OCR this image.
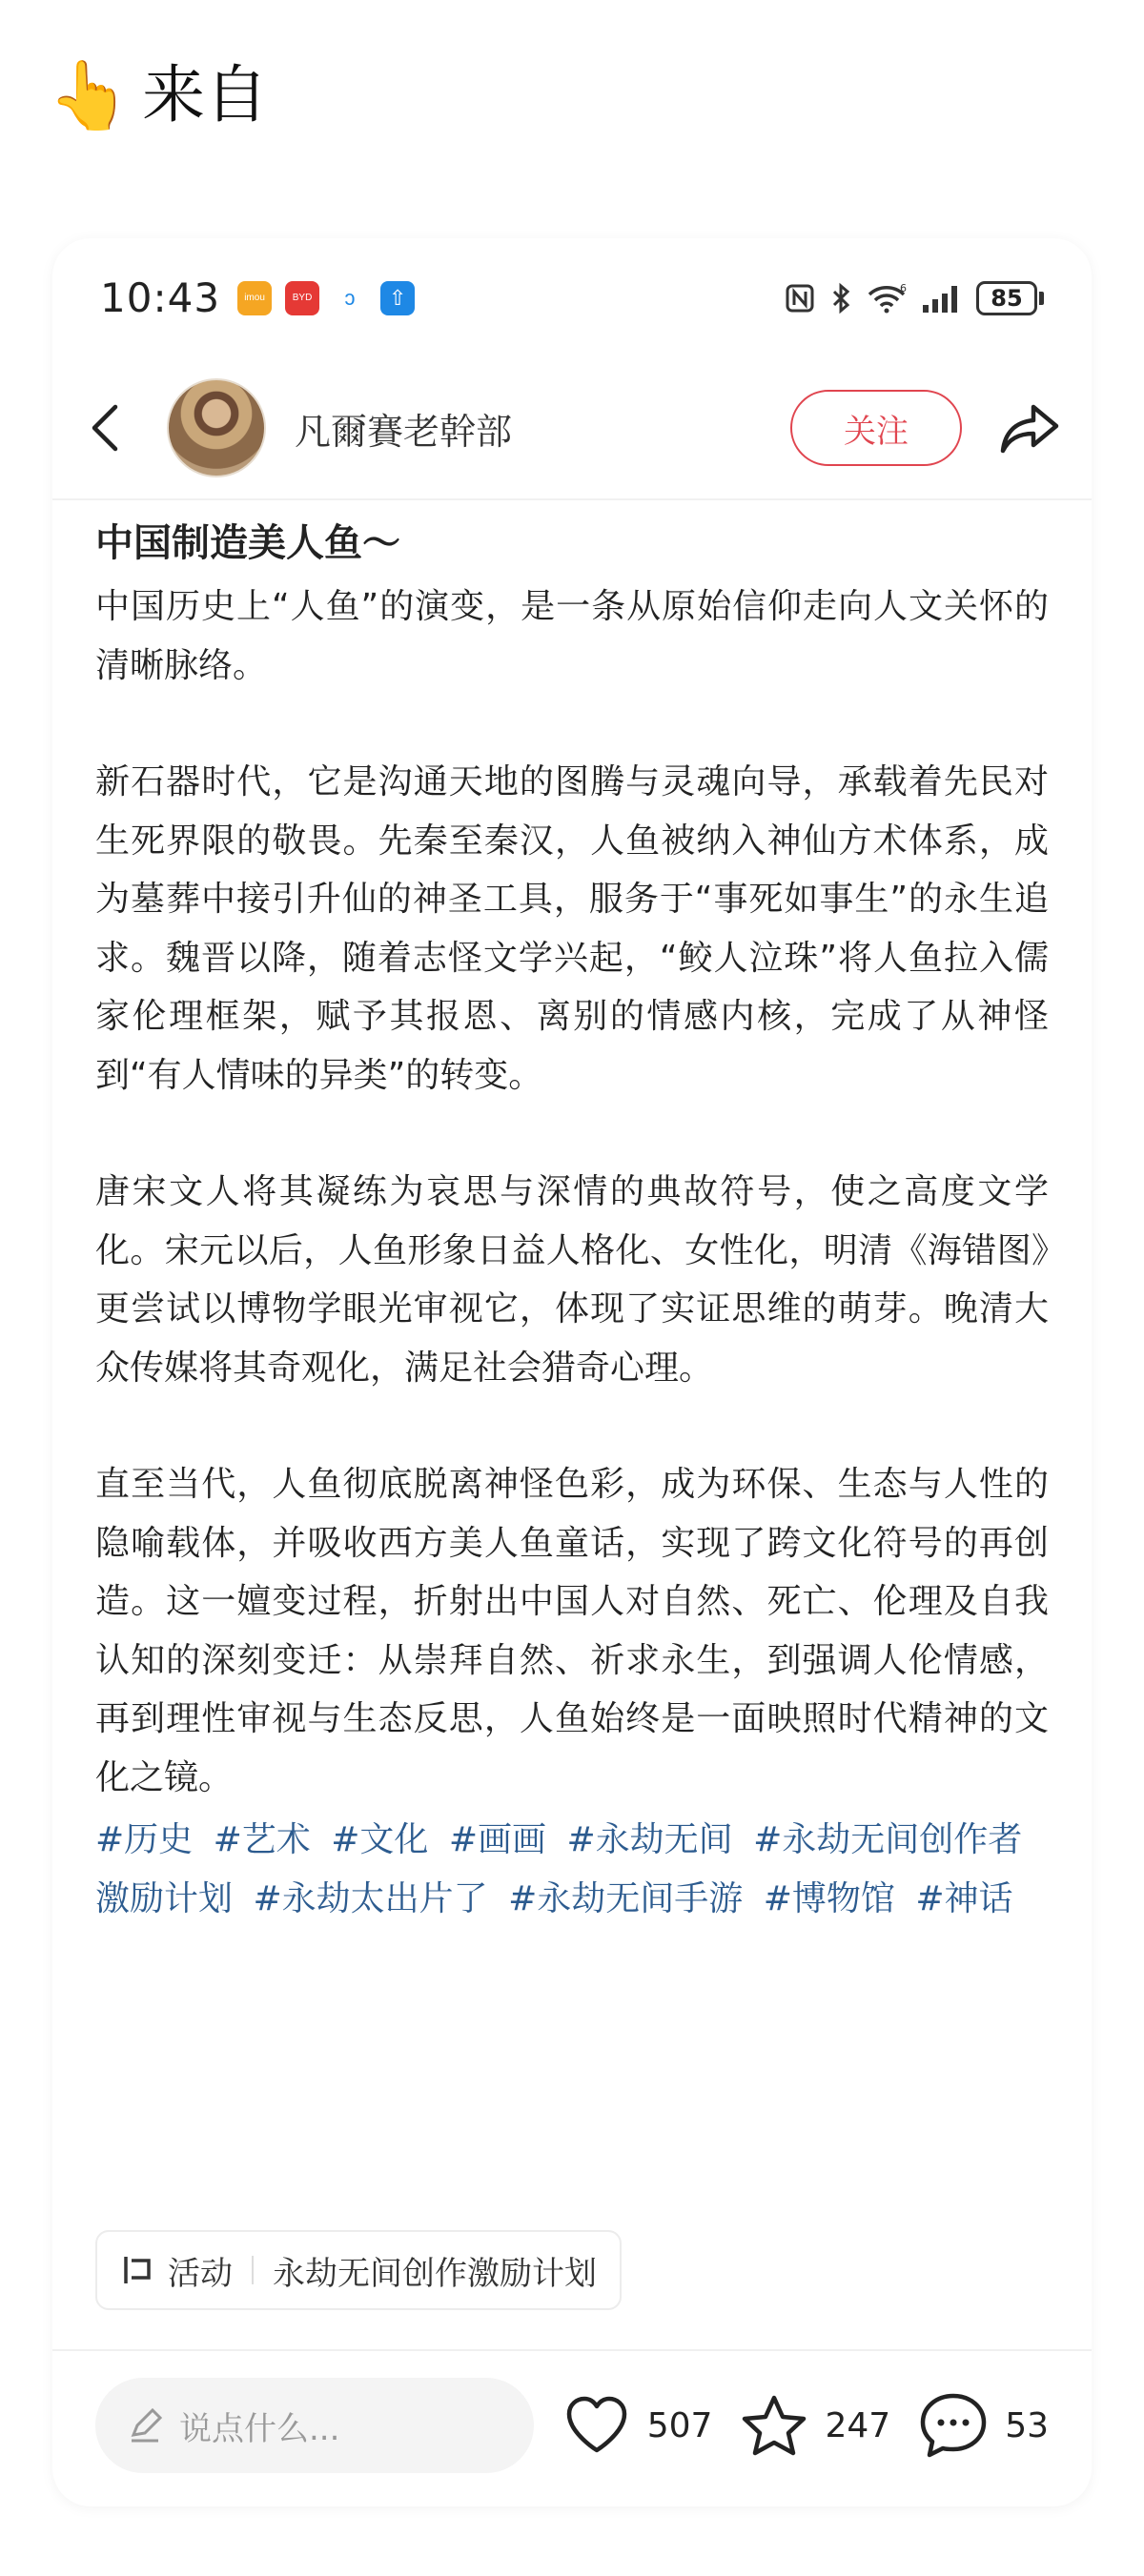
👆 来自
10:43	imou	BYD	ↄ	⇧	6	85
凡爾賽老幹部	关注
中国制造美人鱼～

中国历史上“人鱼”的演变，是一条从原始信仰走向人文关怀的清晰脉络。

新石器时代，它是沟通天地的图腾与灵魂向导，承载着先民对生死界限的敬畏。先秦至秦汉，人鱼被纳入神仙方术体系，成为墓葬中接引升仙的神圣工具，服务于“事死如事生”的永生追求。魏晋以降，随着志怪文学兴起，“鲛人泣珠”将人鱼拉入儒家伦理框架，赋予其报恩、离别的情感内核，完成了从神怪到“有人情味的异类”的转变。

唐宋文人将其凝练为哀思与深情的典故符号，使之高度文学化。宋元以后，人鱼形象日益人格化、女性化，明清《海错图》更尝试以博物学眼光审视它，体现了实证思维的萌芽。晚清大众传媒将其奇观化，满足社会猎奇心理。

直至当代，人鱼彻底脱离神怪色彩，成为环保、生态与人性的隐喻载体，并吸收西方美人鱼童话，实现了跨文化符号的再创造。这一嬗变过程，折射出中国人对自然、死亡、伦理及自我认知的深刻变迁：从崇拜自然、祈求永生，到强调人伦情感，再到理性审视与生态反思，人鱼始终是一面映照时代精神的文化之镜。

#历史 #艺术 #文化 #画画 #永劫无间 #永劫无间创作者激励计划 #永劫太出片了 #永劫无间手游 #博物馆 #神话
活动 永劫无间创作激励计划
说点什么...	507	247	53
